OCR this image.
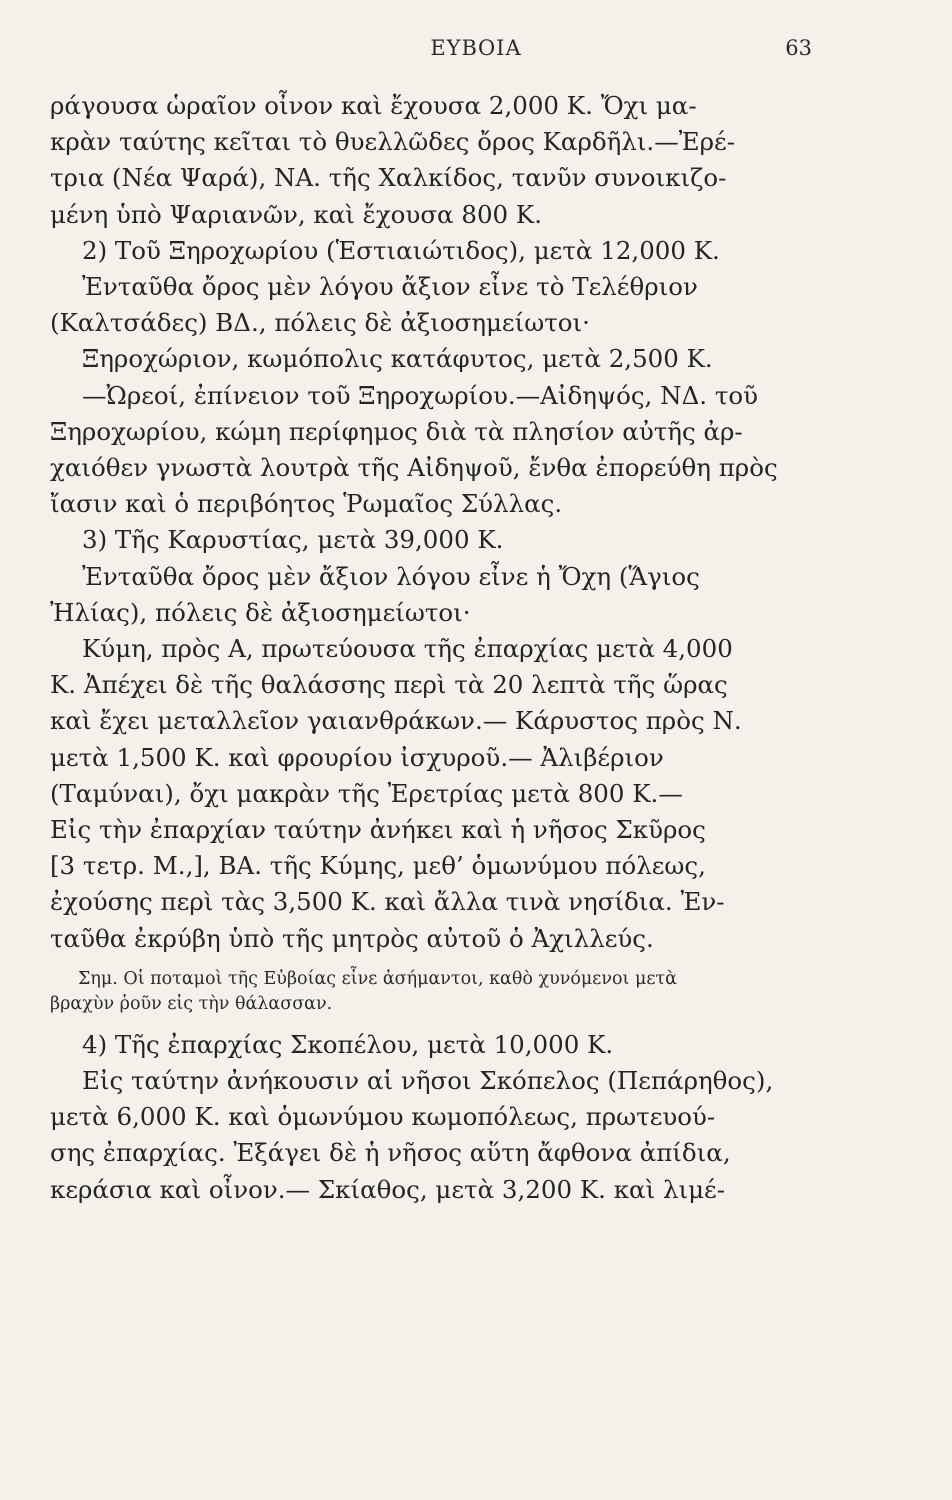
ΕΥΒΟΙΑ	63
ράγουσα ὡραῖον οἶνον καὶ ἔχουσα 2,000 Κ. Ὄχι μα-
κρὰν ταύτης κεῖται τὸ θυελλῶδες ὄρος Καρδῆλι.—Ἐρέ-
τρια (Νέα Ψαρά), ΝΑ. τῆς Χαλκίδος, τανῦν συνοικιζο-
μένη ὑπὸ Ψαριανῶν, καὶ ἔχουσα 800 Κ.
2) Τοῦ Ξηροχωρίου (Ἑστιαιώτιδος), μετὰ 12,000 Κ.
Ἐνταῦθα ὄρος μὲν λόγου ἄξιον εἶνε τὸ Τελέθριον
(Καλτσάδες) ΒΔ., πόλεις δὲ ἀξιοσημείωτοι·
Ξηροχώριον, κωμόπολις κατάφυτος, μετὰ 2,500 Κ.
—Ὠρεοί, ἐπίνειον τοῦ Ξηροχωρίου.—Αἰδηψός, ΝΔ. τοῦ
Ξηροχωρίου, κώμη περίφημος διὰ τὰ πλησίον αὐτῆς ἀρ-
χαιόθεν γνωστὰ λουτρὰ τῆς Αἰδηψοῦ, ἔνθα ἐπορεύθη πρὸς
ἴασιν καὶ ὁ περιβόητος Ῥωμαῖος Σύλλας.
3) Τῆς Καρυστίας, μετὰ 39,000 Κ.
Ἐνταῦθα ὄρος μὲν ἄξιον λόγου εἶνε ἡ Ὄχη (Ἅγιος
Ἠλίας), πόλεις δὲ ἀξιοσημείωτοι·
Κύμη, πρὸς Α, πρωτεύουσα τῆς ἐπαρχίας μετὰ 4,000
Κ. Ἀπέχει δὲ τῆς θαλάσσης περὶ τὰ 20 λεπτὰ τῆς ὥρας
καὶ ἔχει μεταλλεῖον γαιανθράκων.— Κάρυστος πρὸς Ν.
μετὰ 1,500 Κ. καὶ φρουρίου ἰσχυροῦ.— Ἀλιβέριον
(Ταμύναι), ὄχι μακρὰν τῆς Ἐρετρίας μετὰ 800 Κ.—
Εἰς τὴν ἐπαρχίαν ταύτην ἀνήκει καὶ ἡ νῆσος Σκῦρος
[3 τετρ. Μ.,], ΒΑ. τῆς Κύμης, μεθ’ ὁμωνύμου πόλεως,
ἐχούσης περὶ τὰς 3,500 Κ. καὶ ἄλλα τινὰ νησίδια. Ἐν-
ταῦθα ἐκρύβη ὑπὸ τῆς μητρὸς αὐτοῦ ὁ Ἀχιλλεύς.
Σημ. Οἱ ποταμοὶ τῆς Εὐβοίας εἶνε ἀσήμαντοι, καθὸ χυνόμενοι μετὰ
βραχὺν ῥοῦν εἰς τὴν θάλασσαν.
4) Τῆς ἐπαρχίας Σκοπέλου, μετὰ 10,000 Κ.
Εἰς ταύτην ἀνήκουσιν αἱ νῆσοι Σκόπελος (Πεπάρηθος),
μετὰ 6,000 Κ. καὶ ὁμωνύμου κωμοπόλεως, πρωτευού-
σης ἐπαρχίας. Ἐξάγει δὲ ἡ νῆσος αὕτη ἄφθονα ἀπίδια,
κεράσια καὶ οἶνον.— Σκίαθος, μετὰ 3,200 Κ. καὶ λιμέ-
